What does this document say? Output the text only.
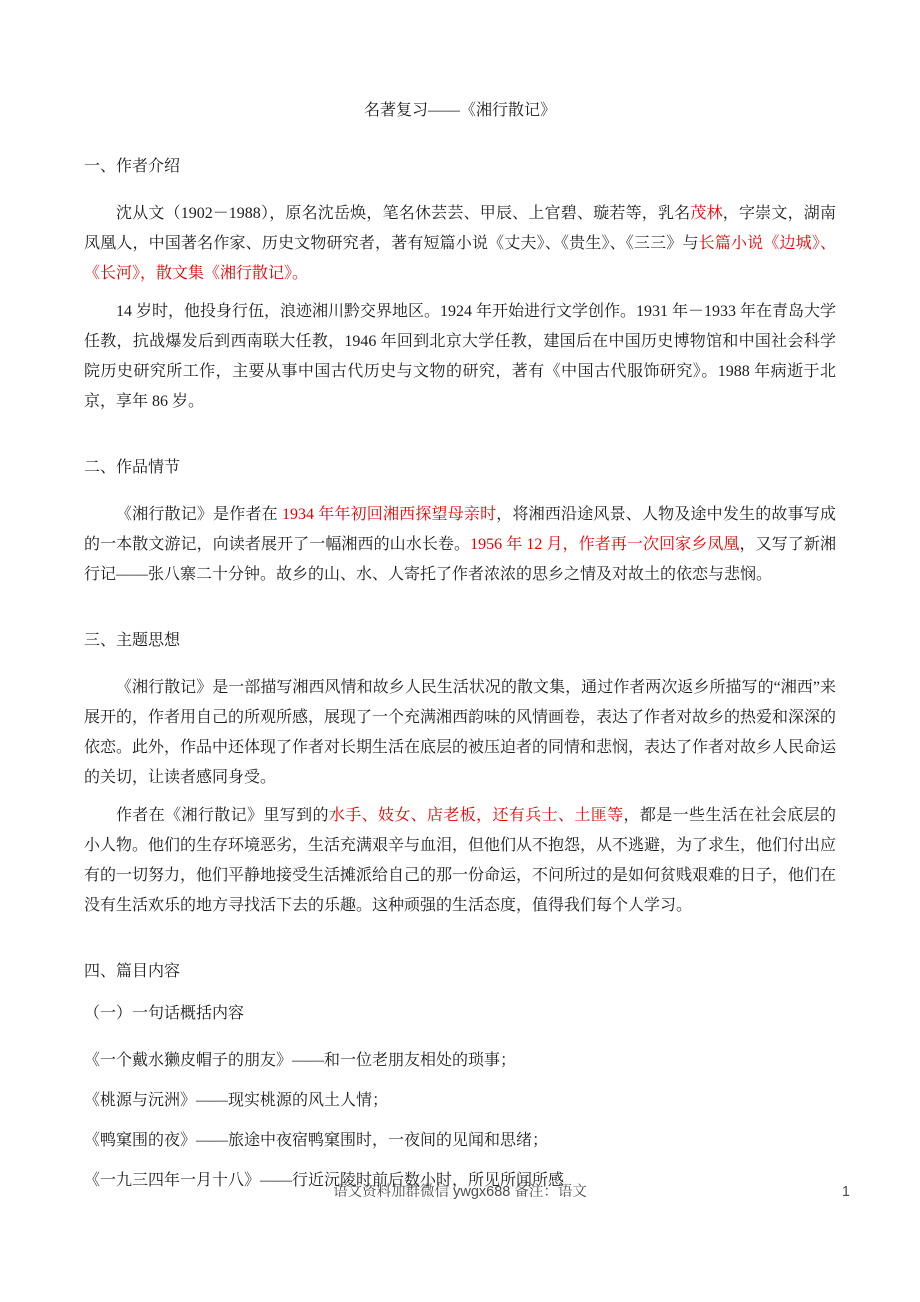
名著复习——《湘行散记》
一、作者介绍

沈从文（1902－1988），原名沈岳焕，笔名休芸芸、甲辰、上官碧、璇若等，乳名茂林，字崇文，湖南凤凰人，中国著名作家、历史文物研究者，著有短篇小说《丈夫》、《贵生》、《三三》与长篇小说《边城》、《长河》，散文集《湘行散记》。

14 岁时，他投身行伍，浪迹湘川黔交界地区。1924 年开始进行文学创作。1931 年－1933 年在青岛大学任教，抗战爆发后到西南联大任教，1946 年回到北京大学任教，建国后在中国历史博物馆和中国社会科学院历史研究所工作，主要从事中国古代历史与文物的研究，著有《中国古代服饰研究》。1988 年病逝于北京，享年 86 岁。

二、作品情节

《湘行散记》是作者在 1934 年年初回湘西探望母亲时，将湘西沿途风景、人物及途中发生的故事写成的一本散文游记，向读者展开了一幅湘西的山水长卷。1956 年 12 月，作者再一次回家乡凤凰，又写了新湘行记——张八寨二十分钟。故乡的山、水、人寄托了作者浓浓的思乡之情及对故土的依恋与悲悯。

三、主题思想

《湘行散记》是一部描写湘西风情和故乡人民生活状况的散文集，通过作者两次返乡所描写的“湘西”来展开的，作者用自己的所观所感，展现了一个充满湘西韵味的风情画卷，表达了作者对故乡的热爱和深深的依恋。此外，作品中还体现了作者对长期生活在底层的被压迫者的同情和悲悯，表达了作者对故乡人民命运的关切，让读者感同身受。

作者在《湘行散记》里写到的水手、妓女、店老板，还有兵士、土匪等，都是一些生活在社会底层的小人物。他们的生存环境恶劣，生活充满艰辛与血泪，但他们从不抱怨，从不逃避，为了求生，他们付出应有的一切努力，他们平静地接受生活摊派给自己的那一份命运，不问所过的是如何贫贱艰难的日子，他们在没有生活欢乐的地方寻找活下去的乐趣。这种顽强的生活态度，值得我们每个人学习。

四、篇目内容
（一）一句话概括内容

《一个戴水獭皮帽子的朋友》——和一位老朋友相处的琐事；

《桃源与沅洲》——现实桃源的风土人情；

《鸭窠围的夜》——旅途中夜宿鸭窠围时，一夜间的见闻和思绪；

《一九三四年一月十八》——行近沅陵时前后数小时，所见所闻所感

语文资料加群微信 ywgx688 备注：语文	1
